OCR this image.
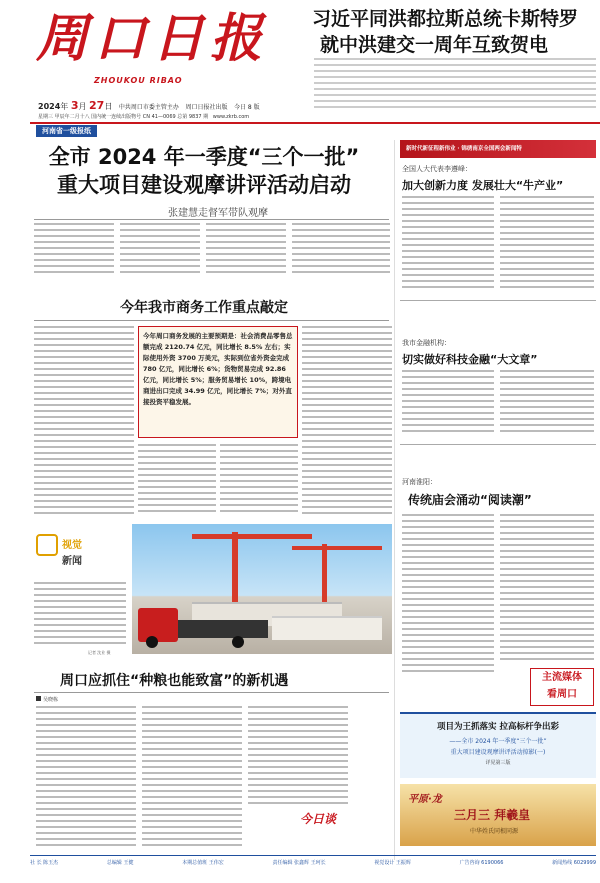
周口日报
ZHOUKOU RIBAO
习近平同洪都拉斯总统卡斯特罗
就中洪建交一周年互致贺电
2024年 3月 27日 中共周口市委主管主办 周口日报社出版 今日 8 版
星期三 甲辰年二月十八 国内统一连续出版物号 CN 41—0069 总第 9837 期 www.zkrb.com
河南省一级报纸
全市 2024 年一季度“三个一批”
重大项目建设观摩讲评活动启动
张建慧走督军带队观摩
今年我市商务工作重点敲定
今年周口商务发展的主要预期是：社会消费品零售总额完成 2120.74 亿元，同比增长 8.5% 左右；实际使用外资 3700 万美元，实际到位省外资金完成 780 亿元，同比增长 6%；货物贸易完成 92.86 亿元，同比增长 5%；服务贸易增长 10%，跨境电商进出口完成 34.99 亿元，同比增长 7%；对外直接投资平稳发展。
视觉
新闻
记者 沈业 摄
周口应抓住“种粮也能致富”的新机遇
吴晓栋
今日谈
新时代新征程新伟业 · 锦绣南京全国两会新闻特
全国人大代表李遵峰：
加大创新力度 发展壮大“牛产业”
我市金融机构：
切实做好科技金融“大文章”
河南淮阳：
传统庙会涌动“阅读潮”
主流媒体
看周口
项目为王抓落实 拉高标杆争出彩
——全市 2024 年一季度“三个一批”
重大项目建设观摩讲评活动掠影(一)
详见第三版
平原·龙
三月三 拜羲皇
中华姓氏同根同源
社 长 陈玉杰	总编辑 王健	本期总值班 王伟宏	责任编辑 张鑫辉 王珂长	视觉设计 王振辉	广告咨询 6190066	新闻热线 6029999
